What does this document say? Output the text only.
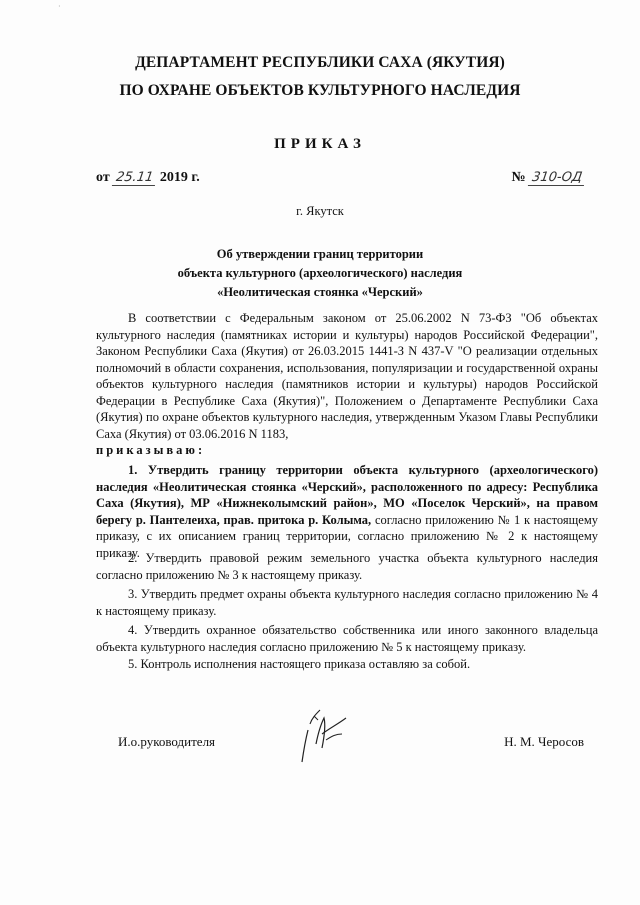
·
ДЕПАРТАМЕНТ РЕСПУБЛИКИ САХА (ЯКУТИЯ)
ПО ОХРАНЕ ОБЪЕКТОВ КУЛЬТУРНОГО НАСЛЕДИЯ
ПРИКАЗ
от 25.11 2019 г.	№ 310-ОД
г. Якутск
Об утверждении границ территории
объекта культурного (археологического) наследия
«Неолитическая стоянка «Черский»
В соответствии с Федеральным законом от 25.06.2002 N 73-ФЗ "Об объектах культурного наследия (памятниках истории и культуры) народов Российской Федерации", Законом Республики Саха (Якутия) от 26.03.2015 1441-З N 437-V "О реализации отдельных полномочий в области сохранения, использования, популяризации и государственной охраны объектов культурного наследия (памятников истории и культуры) народов Российской Федерации в Республике Саха (Якутия)", Положением о Департаменте Республики Саха (Якутия) по охране объектов культурного наследия, утвержденным Указом Главы Республики Саха (Якутия) от 03.06.2016 N 1183,
приказываю:
1. Утвердить границу территории объекта культурного (археологического) наследия «Неолитическая стоянка «Черский», расположенного по адресу: Республика Саха (Якутия), МР «Нижнеколымский район», МО «Поселок Черский», на правом берегу р. Пантелеиха, прав. притока р. Колыма, согласно приложению № 1 к настоящему приказу, с их описанием границ территории, согласно приложению № 2 к настоящему приказу.
2. Утвердить правовой режим земельного участка объекта культурного наследия согласно приложению № 3 к настоящему приказу.
3. Утвердить предмет охраны объекта культурного наследия согласно приложению № 4 к настоящему приказу.
4. Утвердить охранное обязательство собственника или иного законного владельца объекта культурного наследия согласно приложению № 5 к настоящему приказу.
5. Контроль исполнения настоящего приказа оставляю за собой.
И.о.руководителя	Н. М. Черосов
